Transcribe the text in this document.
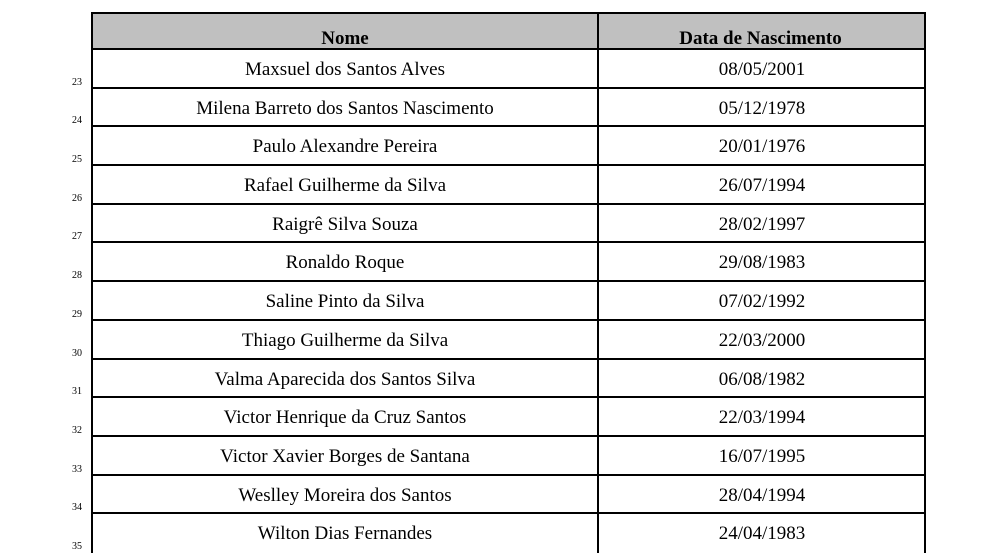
Nome	Data de Nascimento
23
Maxsuel dos Santos Alves	08/05/2001
24
Milena Barreto dos Santos Nascimento	05/12/1978
25
Paulo Alexandre Pereira	20/01/1976
26
Rafael Guilherme da Silva	26/07/1994
27
Raigrê Silva Souza	28/02/1997
28
Ronaldo Roque	29/08/1983
29
Saline Pinto da Silva	07/02/1992
30
Thiago Guilherme da Silva	22/03/2000
31
Valma Aparecida dos Santos Silva	06/08/1982
32
Victor Henrique da Cruz Santos	22/03/1994
33
Victor Xavier Borges de Santana	16/07/1995
34
Weslley Moreira dos Santos	28/04/1994
35
Wilton Dias Fernandes	24/04/1983
